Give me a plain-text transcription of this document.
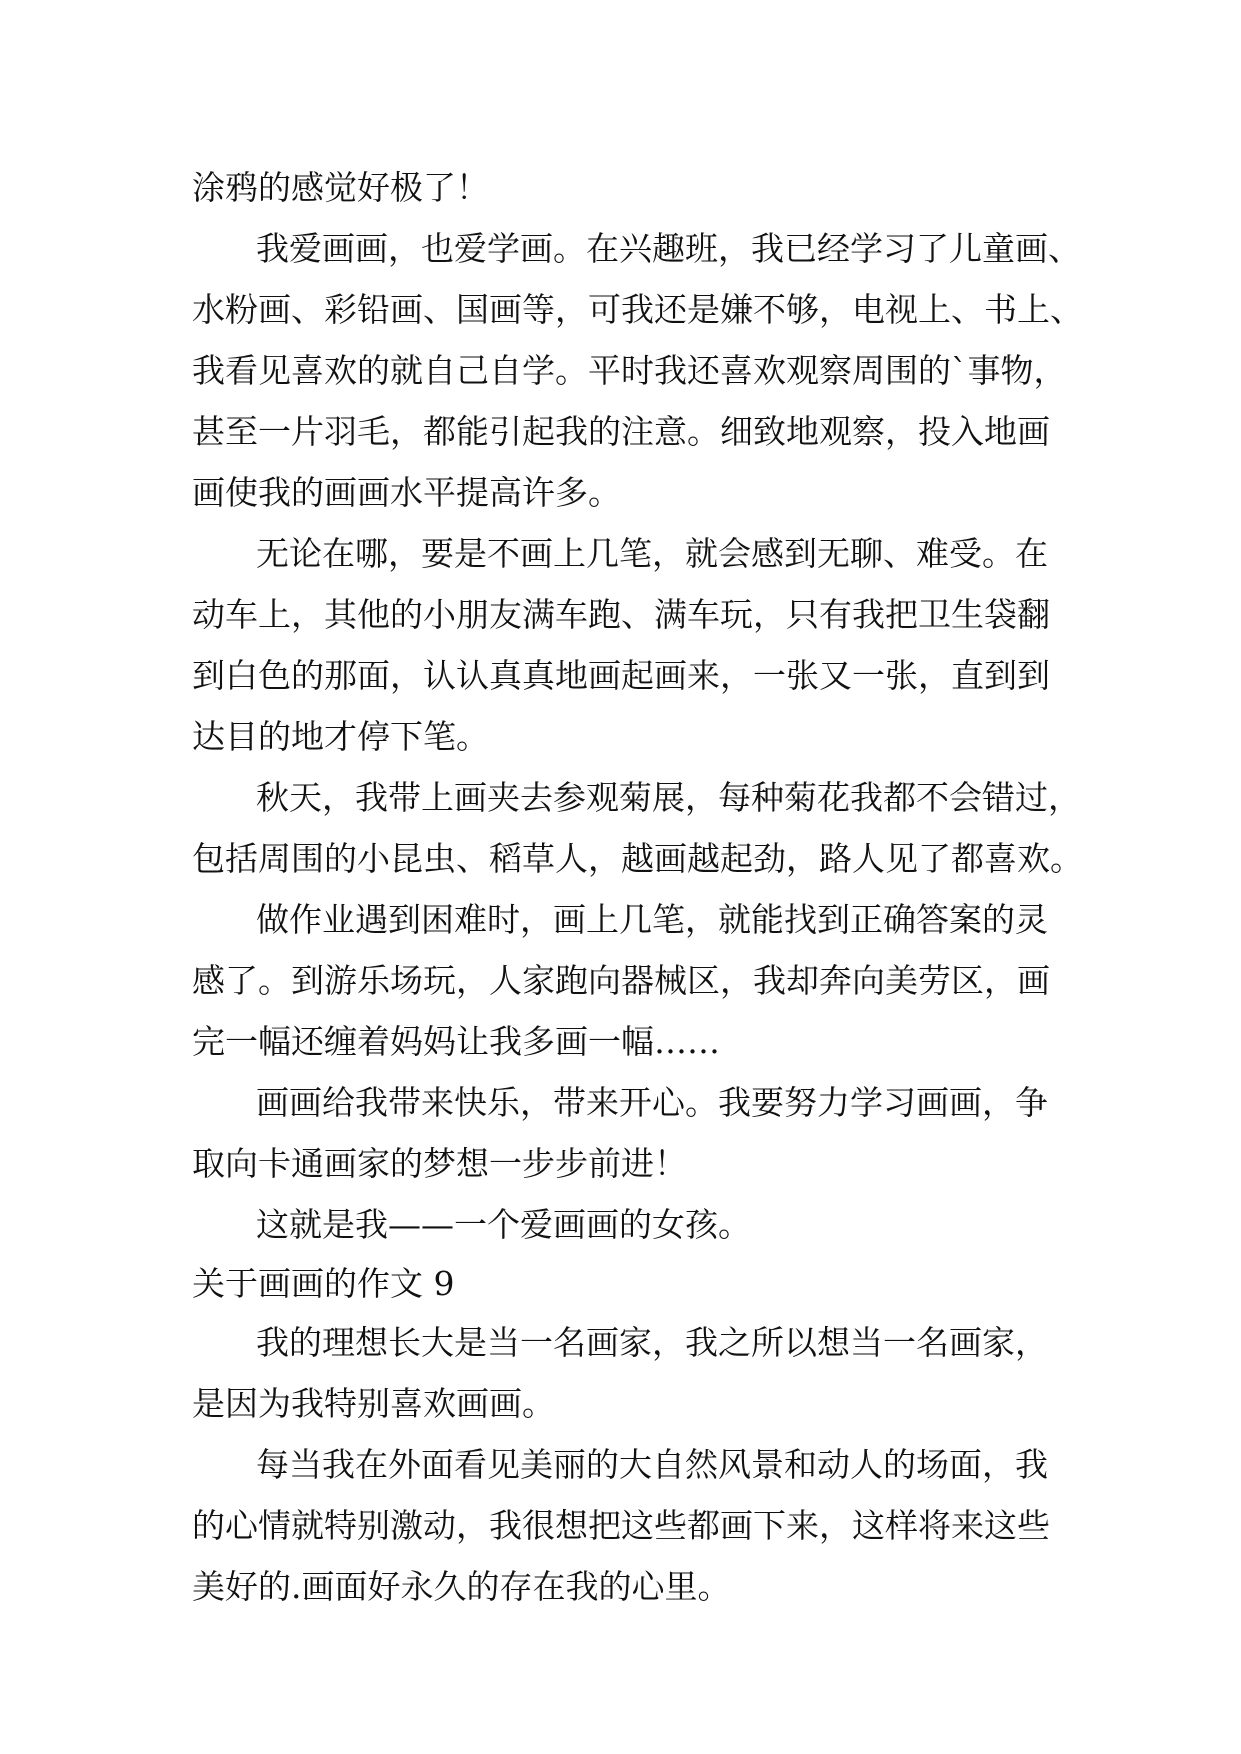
涂鸦的感觉好极了！
我爱画画，也爱学画。在兴趣班，我已经学习了儿童画、
水粉画、彩铅画、国画等，可我还是嫌不够，电视上、书上、
我看见喜欢的就自己自学。平时我还喜欢观察周围的`事物，
甚至一片羽毛，都能引起我的注意。细致地观察，投入地画
画使我的画画水平提高许多。
无论在哪，要是不画上几笔，就会感到无聊、难受。在
动车上，其他的小朋友满车跑、满车玩，只有我把卫生袋翻
到白色的那面，认认真真地画起画来，一张又一张，直到到
达目的地才停下笔。
秋天，我带上画夹去参观菊展，每种菊花我都不会错过，
包括周围的小昆虫、稻草人，越画越起劲，路人见了都喜欢。
做作业遇到困难时，画上几笔，就能找到正确答案的灵
感了。到游乐场玩，人家跑向器械区，我却奔向美劳区，画
完一幅还缠着妈妈让我多画一幅……
画画给我带来快乐，带来开心。我要努力学习画画，争
取向卡通画家的梦想一步步前进！
这就是我——一个爱画画的女孩。
关于画画的作文 9
我的理想长大是当一名画家，我之所以想当一名画家，
是因为我特别喜欢画画。
每当我在外面看见美丽的大自然风景和动人的场面，我
的心情就特别激动，我很想把这些都画下来，这样将来这些
美好的.画面好永久的存在我的心里。
